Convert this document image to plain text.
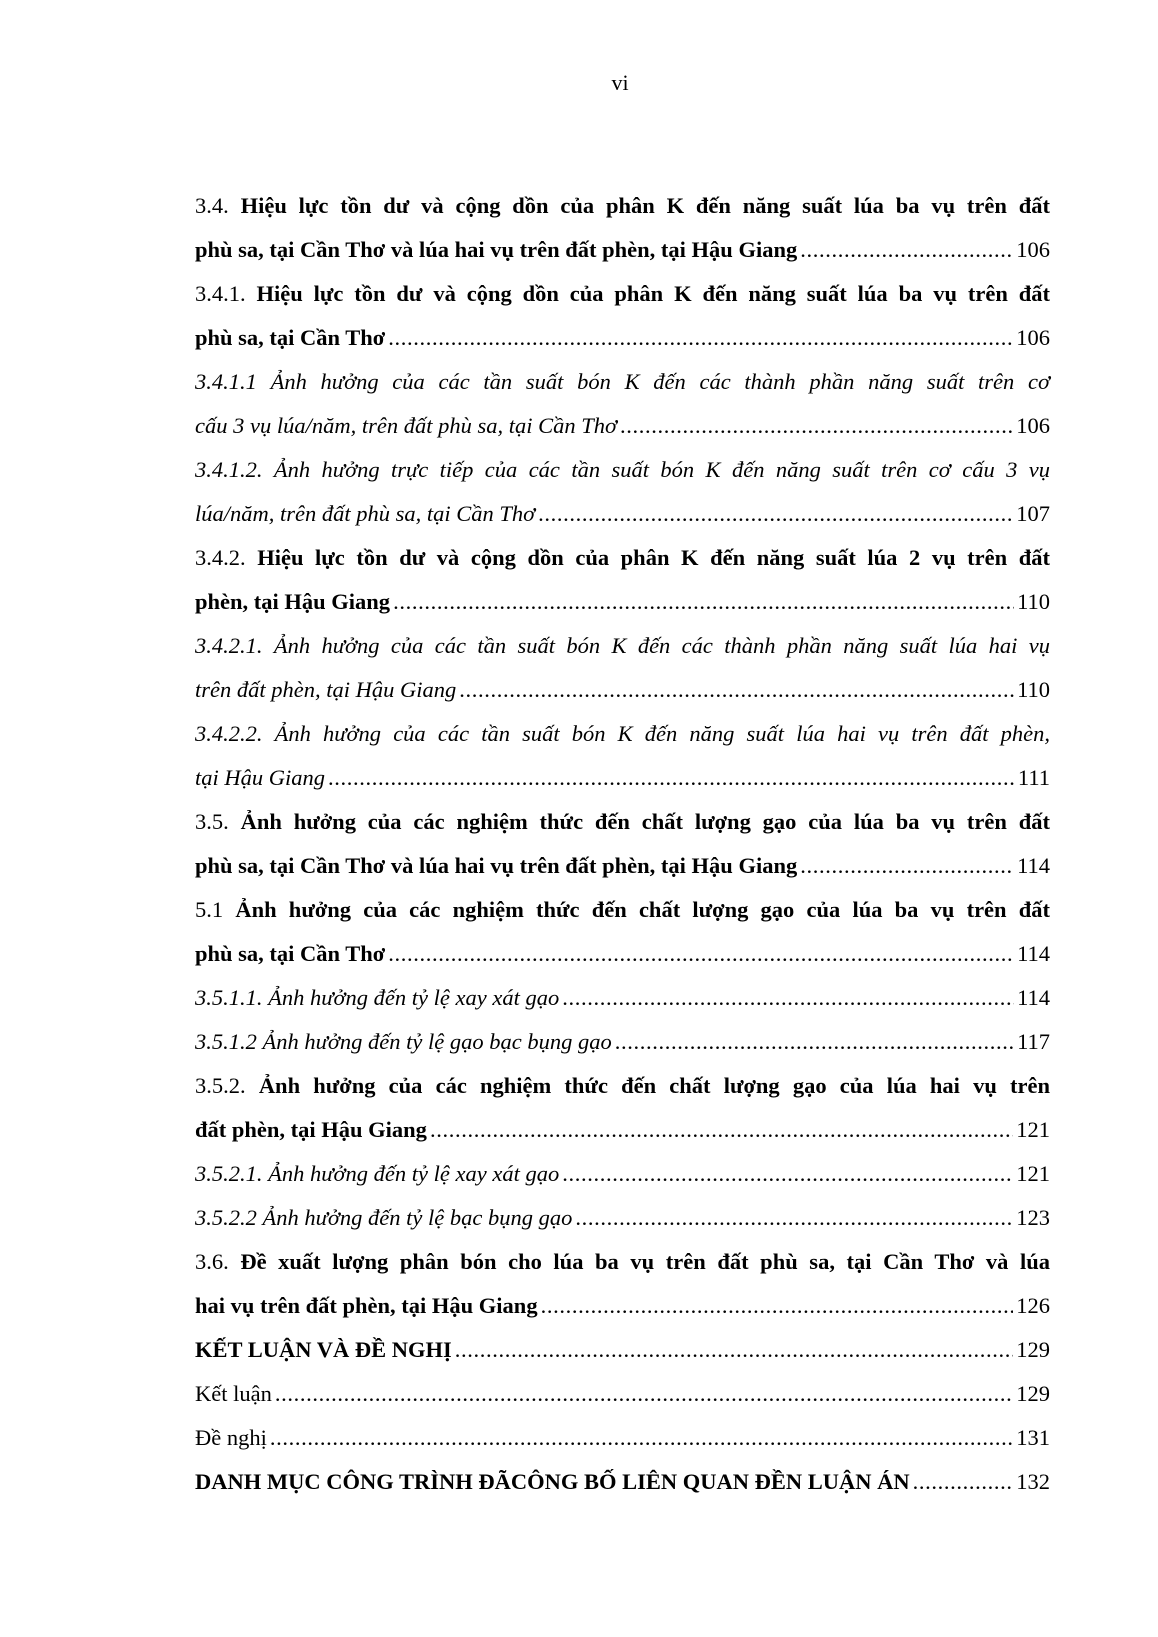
vi
3.4. Hiệu lực tồn dư và cộng dồn của phân K đến năng suất lúa ba vụ trên đất
phù sa, tại Cần Thơ và lúa hai vụ trên đất phèn, tại Hậu Giang . . .	106
3.4.1. Hiệu lực tồn dư và cộng dồn của phân K đến năng suất lúa ba vụ trên đất
phù sa, tại Cần Thơ . . .	106
3.4.1.1 Ảnh hưởng của các tần suất bón K đến các thành phần năng suất trên cơ
cấu 3 vụ lúa/năm, trên đất phù sa, tại Cần Thơ . . .	106
3.4.1.2. Ảnh hưởng trực tiếp của các tần suất bón K đến năng suất trên cơ cấu 3 vụ
lúa/năm, trên đất phù sa, tại Cần Thơ . . .	107
3.4.2. Hiệu lực tồn dư và cộng dồn của phân K đến năng suất lúa 2 vụ trên đất
phèn, tại Hậu Giang . . .	110
3.4.2.1. Ảnh hưởng của các tần suất bón K đến các thành phần năng suất lúa hai vụ
trên đất phèn, tại Hậu Giang . . .	110
3.4.2.2. Ảnh hưởng của các tần suất bón K đến năng suất lúa hai vụ trên đất phèn,
tại Hậu Giang . . .	111
3.5. Ảnh hưởng của các nghiệm thức đến chất lượng gạo của lúa ba vụ trên đất
phù sa, tại Cần Thơ và lúa hai vụ trên đất phèn, tại Hậu Giang . . .	114
5.1 Ảnh hưởng của các nghiệm thức đến chất lượng gạo của lúa ba vụ trên đất
phù sa, tại Cần Thơ . . .	114
3.5.1.1. Ảnh hưởng đến tỷ lệ xay xát gạo . . .	114
3.5.1.2 Ảnh hưởng đến tỷ lệ gạo bạc bụng gạo . . .	117
3.5.2. Ảnh hưởng của các nghiệm thức đến chất lượng gạo của lúa hai vụ trên
đất phèn, tại Hậu Giang . . .	121
3.5.2.1. Ảnh hưởng đến tỷ lệ xay xát gạo . . .	121
3.5.2.2 Ảnh hưởng đến tỷ lệ bạc bụng gạo . . .	123
3.6. Đề xuất lượng phân bón cho lúa ba vụ trên đất phù sa, tại Cần Thơ và lúa
hai vụ trên đất phèn, tại Hậu Giang . . .	126
KẾT LUẬN VÀ ĐỀ NGHỊ . . .	129
Kết luận . . .	129
Đề nghị . . .	131
DANH MỤC CÔNG TRÌNH ĐÃCÔNG BỐ LIÊN QUAN ĐỀN LUẬN ÁN . . .	132
